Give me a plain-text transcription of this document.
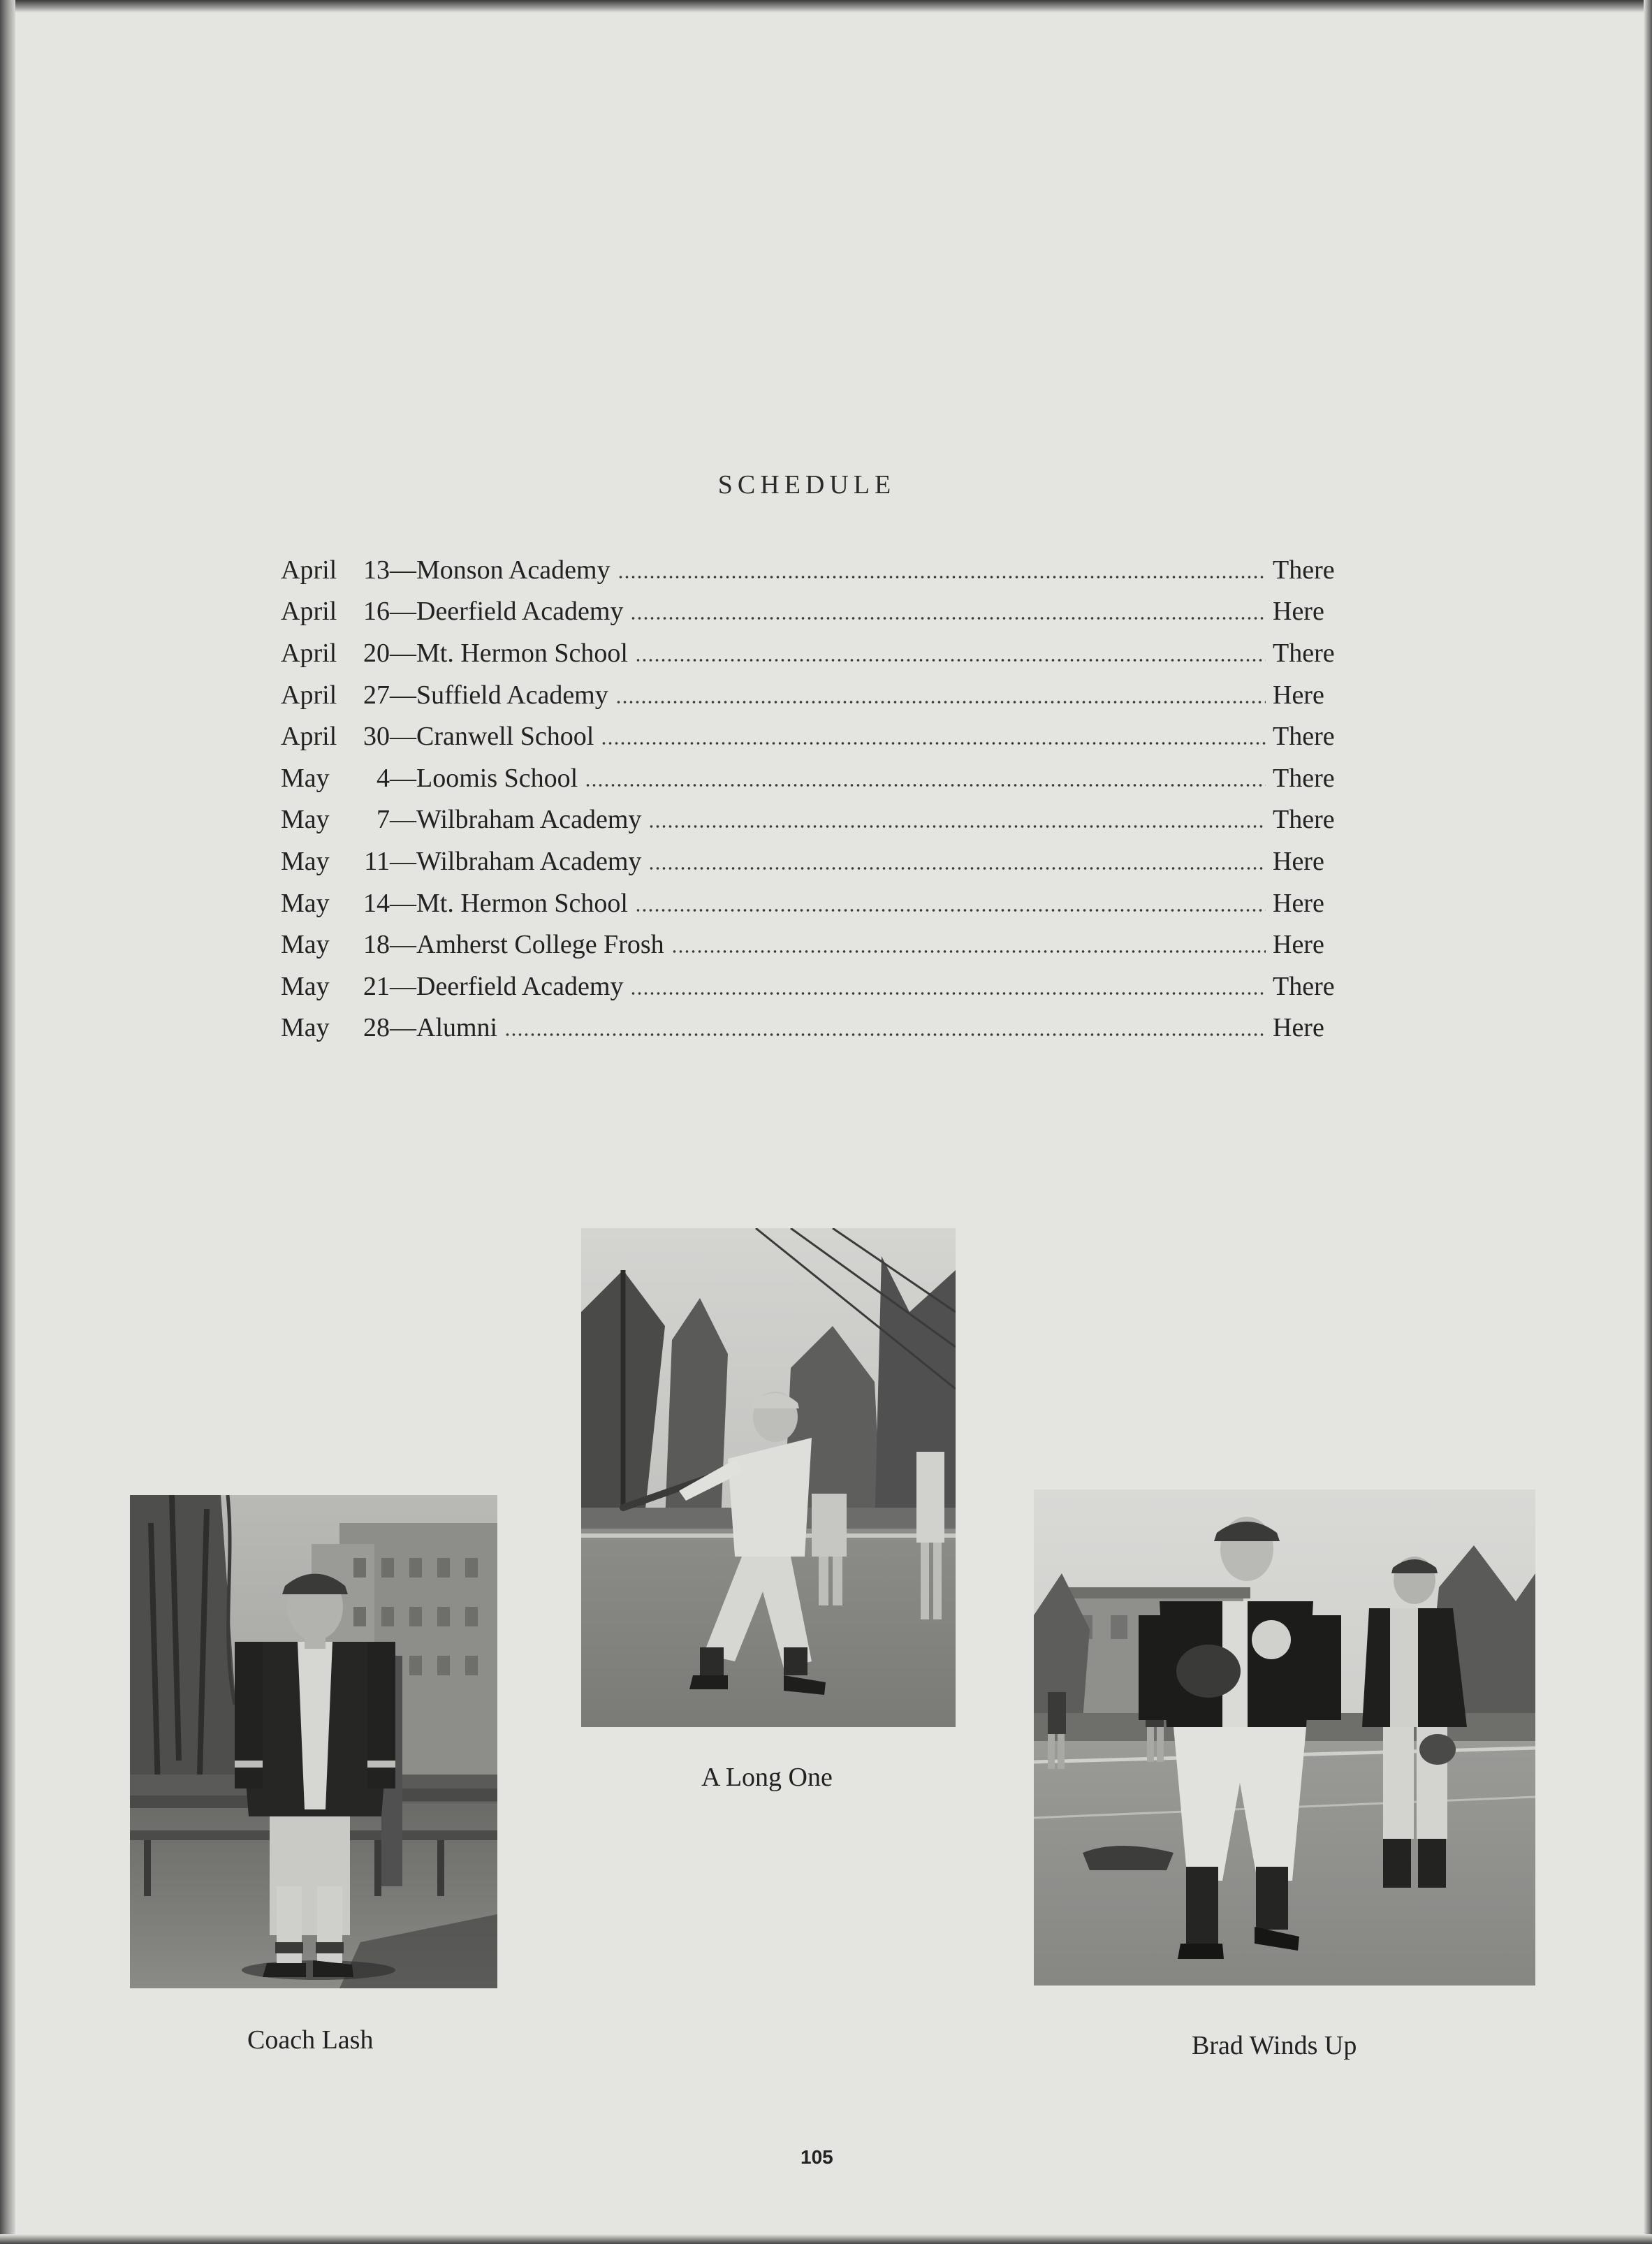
SCHEDULE
April 13 —Monson Academy	There
April 16 —Deerfield Academy	Here
April 20 —Mt. Hermon School	There
April 27 —Suffield Academy	Here
April 30 —Cranwell School	There
May	4 —Loomis School	There
May	7 —Wilbraham Academy	There
May	11 —Wilbraham Academy	Here
May	14 —Mt. Hermon School	Here
May	18 —Amherst College Frosh	Here
May	21 —Deerfield Academy	There
May	28 —Alumni	Here
Coach Lash
A Long One
Brad Winds Up
105
